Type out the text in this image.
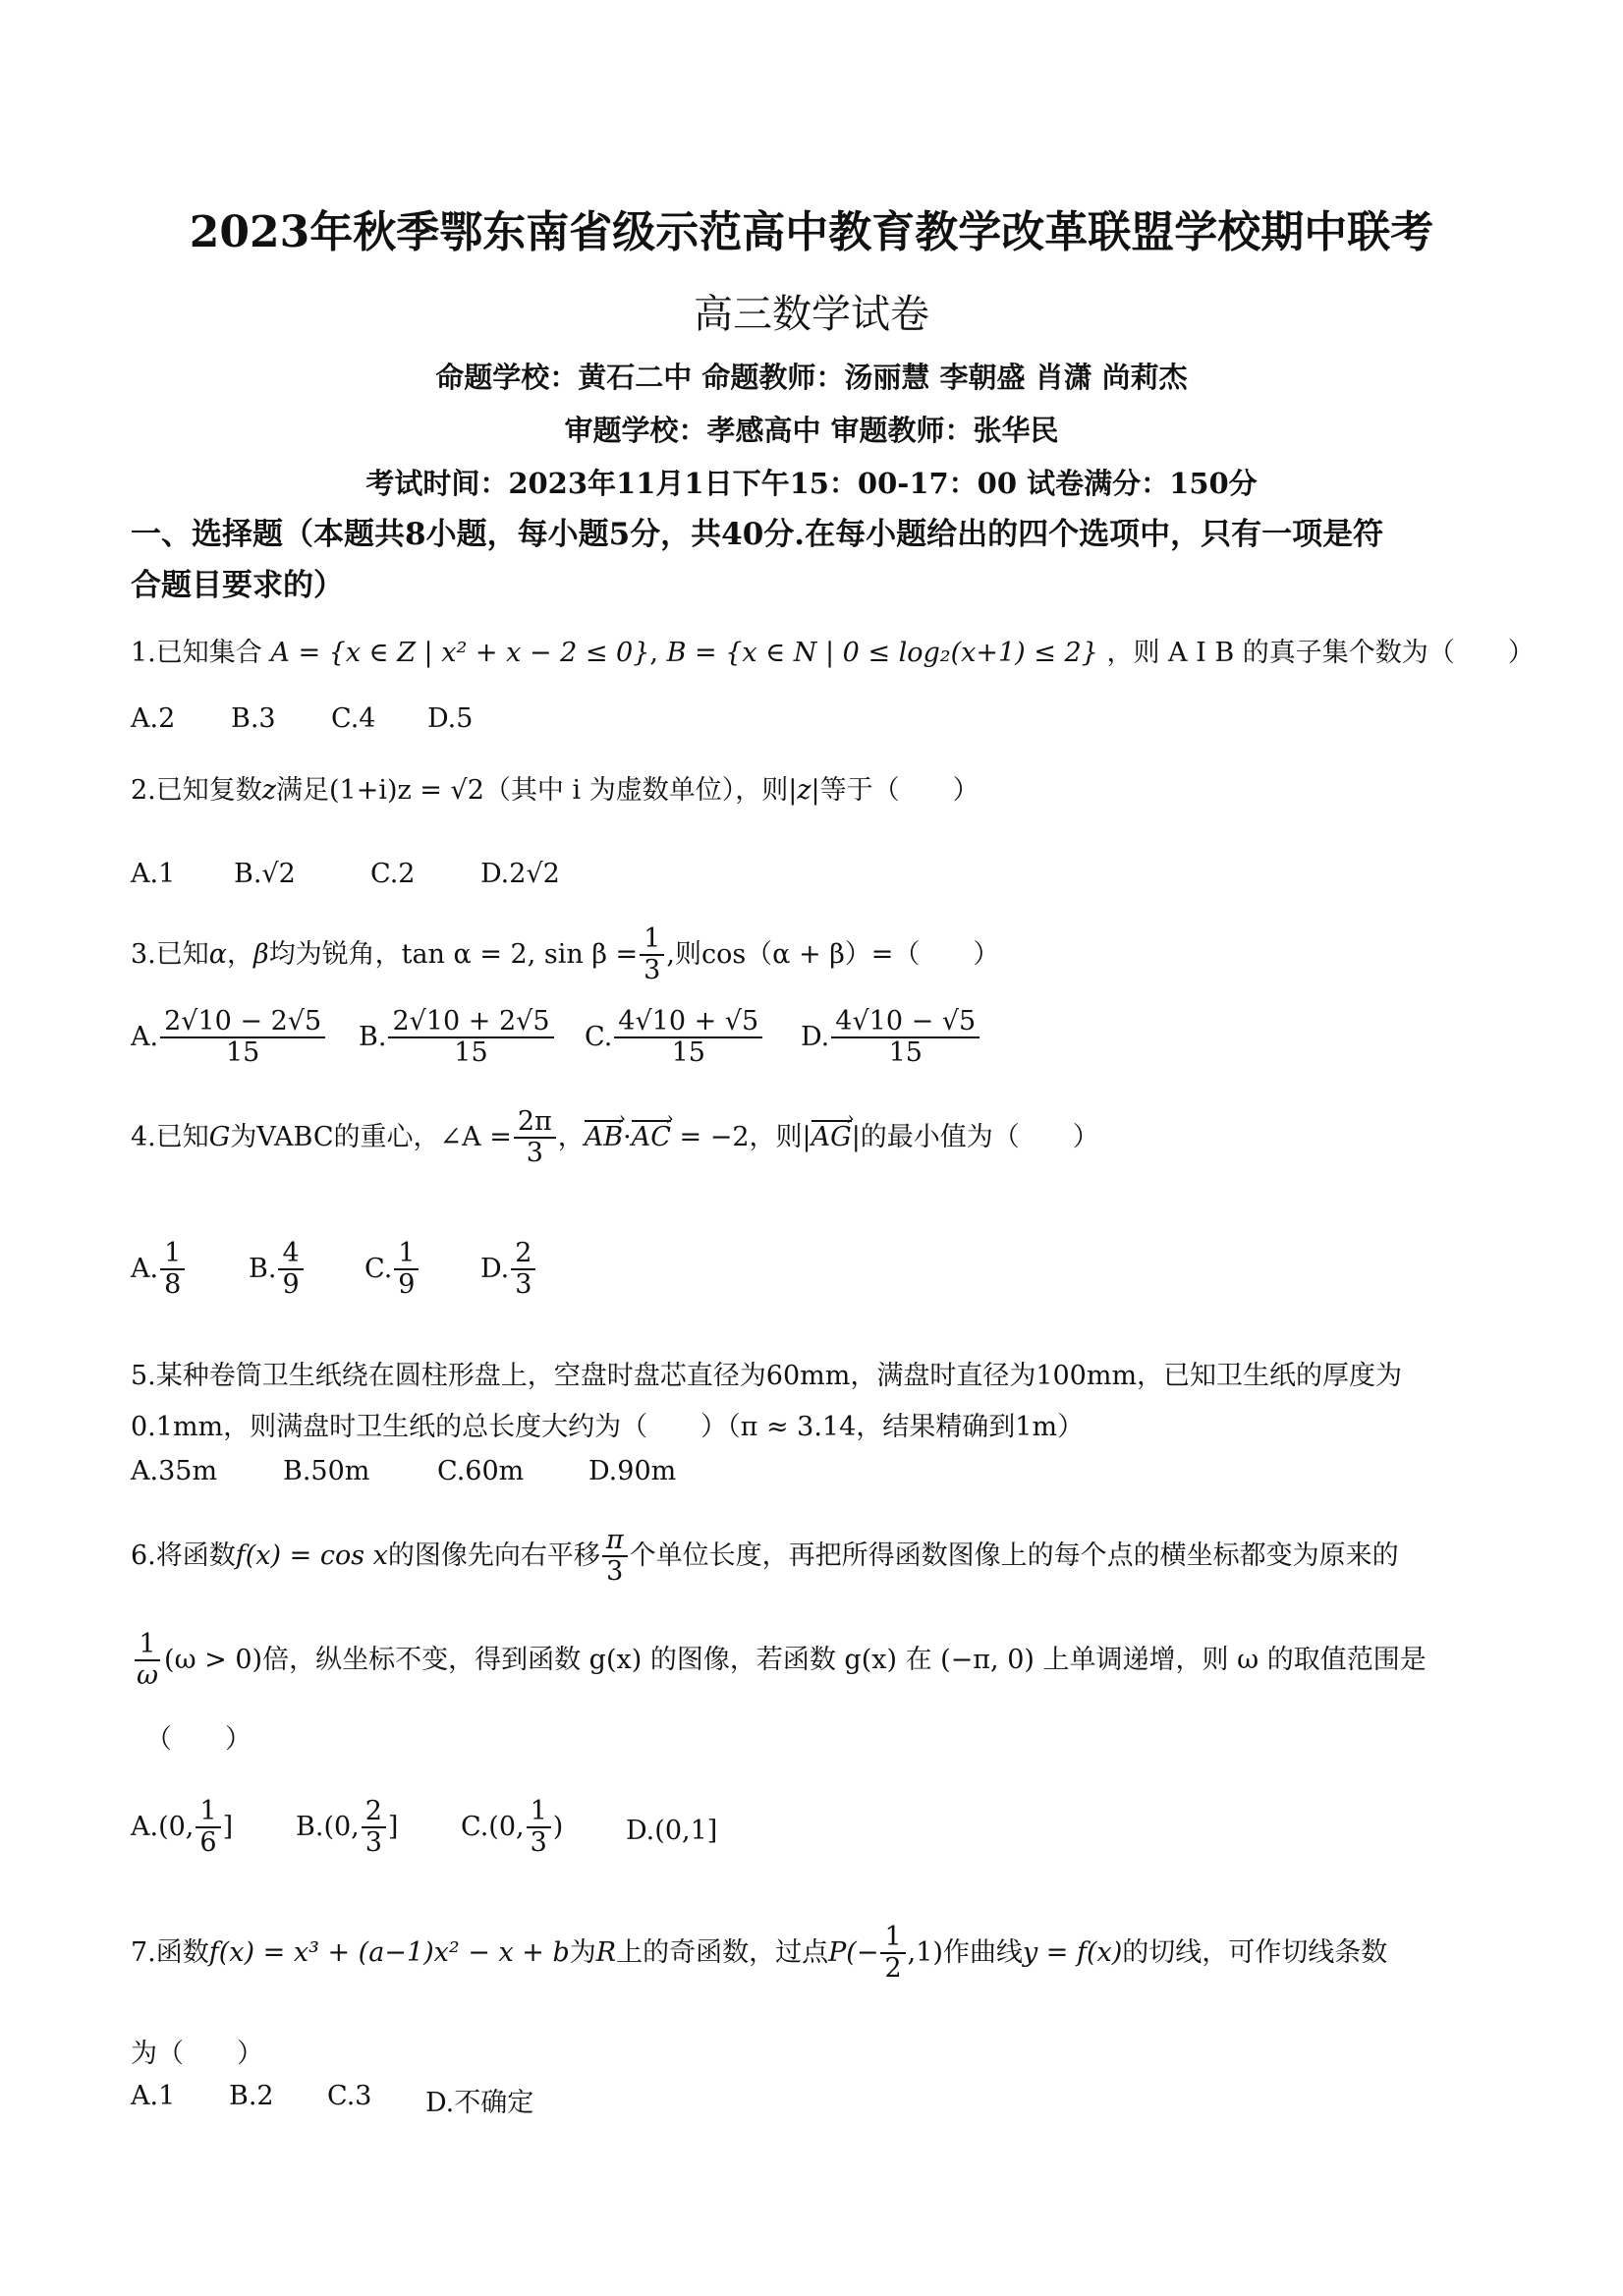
2023年秋季鄂东南省级示范高中教育教学改革联盟学校期中联考
高三数学试卷
命题学校：黄石二中 命题教师：汤丽慧 李朝盛 肖潇 尚莉杰
审题学校：孝感高中 审题教师：张华民
考试时间：2023年11月1日下午15：00-17：00 试卷满分：150分
一、选择题（本题共8小题，每小题5分，共40分.在每小题给出的四个选项中，只有一项是符
合题目要求的）
1.已知集合 A = {x ∈ Z | x² + x − 2 ≤ 0}, B = {x ∈ N | 0 ≤ log₂(x+1) ≤ 2} ，则 A I B 的真子集个数为（　　）
A.2 B.3 C.4 D.5
2.已知复数z满足(1+i)z = √2（其中 i 为虚数单位），则|z|等于（　　）
A.1 B.√2	C.2 D.2√2
3.已知α，β均为锐角，tan α = 2, $\sin \beta = \frac{1}{3}$ ,则cos（α + β）=（　　）
A. $\frac{2√10 - 2√5}{15} B$. $\frac{2√10 + 2√5}{15} C$. $\frac{4√10 + √5}{15} D$. $\frac{4√10 - √5}{15}$
4.已知G为VABC的重心，∠A = $\frac{2\pi}{3}$ ，AB ›·AC › = −2，则|AG ›|的最小值为（　　）
A. $\frac{1}{8} B$. $\frac{4}{9} C$. $\frac{1}{9} D$. $\frac{2}{3}$
5.某种卷筒卫生纸绕在圆柱形盘上，空盘时盘芯直径为60mm，满盘时直径为100mm，已知卫生纸的厚度为
0.1mm，则满盘时卫生纸的总长度大约为（　　）（π ≈ 3.14，结果精确到1m）
A.35m B.50m	C.60m D.90m
6.将函数f(x) = cos x的图像先向右平移 $\frac{\pi}{3}$ 个单位长度，再把所得函数图像上的每个点的横坐标都变为原来的
$\frac{1}{\omega} (\omega > 0)$倍，纵坐标不变，得到函数 g(x) 的图像，若函数 g(x) 在 (−π, 0) 上单调递增，则 ω 的取值范围是
（　　）
A.(0, $\frac{1}{6}$ ] B.(0, $\frac{2}{3}$ ] C.(0, $\frac{1}{3}$ ) D.(0,1]
7.函数f(x) = x³ + (a−1)x² − x + b为R上的奇函数，过点$P(- \frac{1}{2} ,1)$作曲线y = f(x)的切线，可作切线条数
为（　　）
A.1 B.2 C.3 D.不确定
